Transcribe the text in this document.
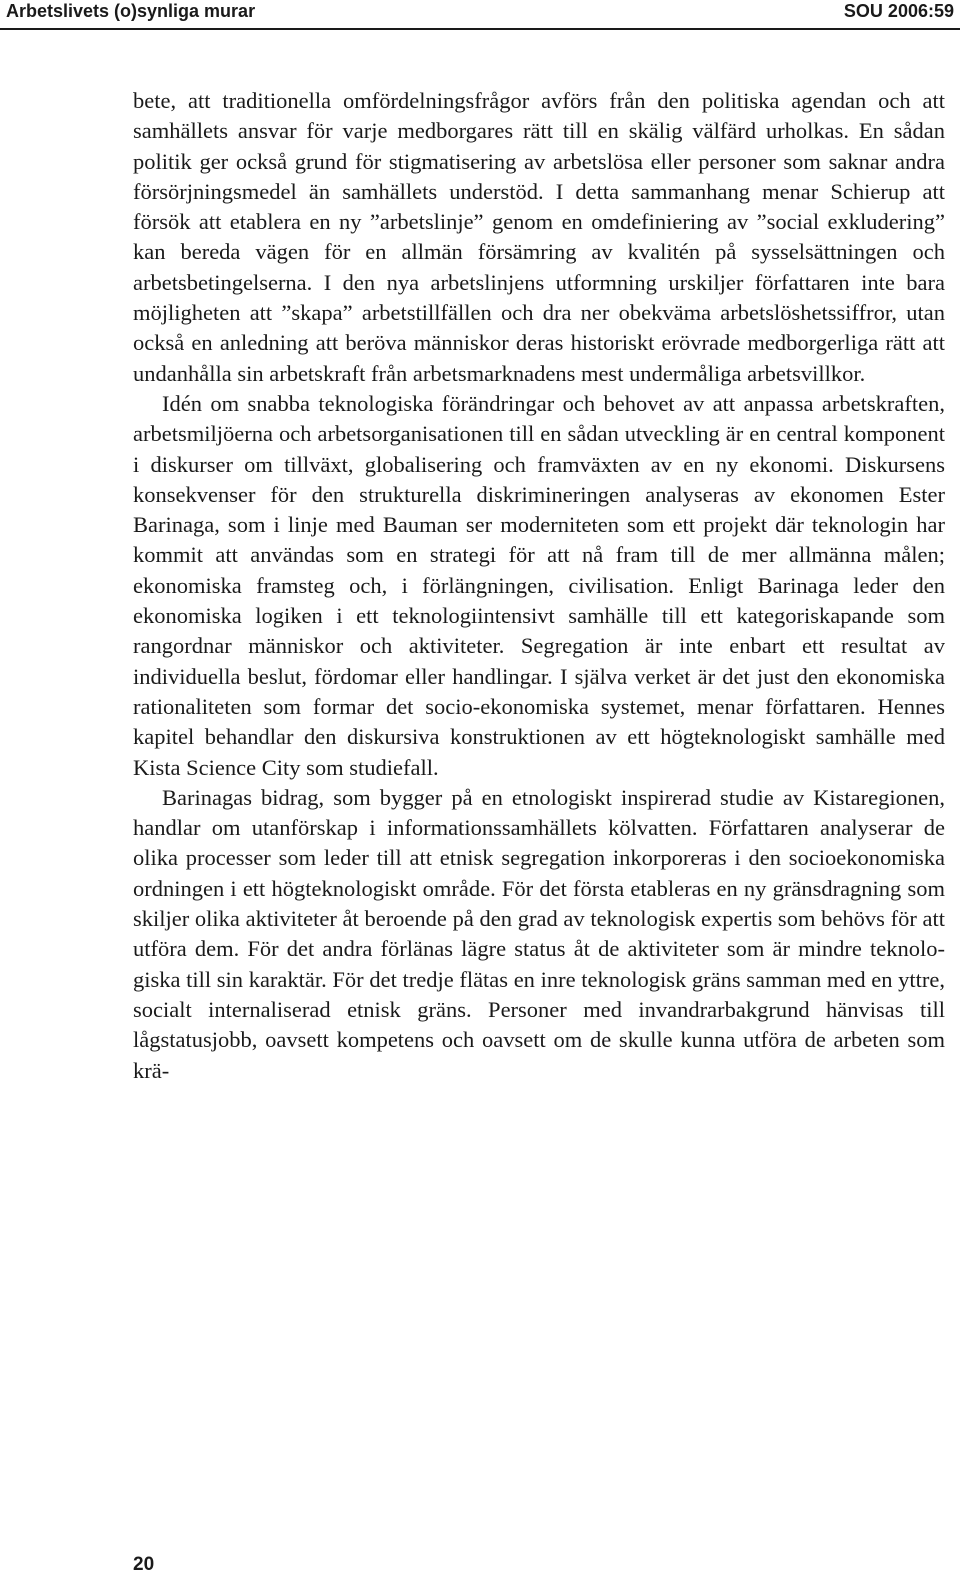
Arbetslivets (o)synliga murar	SOU 2006:59

bete, att traditionella omfördelningsfrågor avförs från den politiska agendan och att samhällets ansvar för varje medborgares rätt till en skälig välfärd urholkas. En sådan politik ger också grund för stigmatisering av arbetslösa eller personer som saknar andra försörjningsmedel än samhällets understöd. I detta sammanhang menar Schierup att försök att etablera en ny ”arbetslinje” genom en omdefiniering av ”social exkludering” kan bereda vägen för en allmän försämring av kvalitén på sysselsättningen och arbetsbetingelserna. I den nya arbetslinjens utformning urskiljer författaren inte bara möjligheten att ”skapa” arbetstillfällen och dra ner obekväma arbetslöshetssiffror, utan också en anledning att beröva människor deras historiskt erövrade medborgerliga rätt att undanhålla sin arbetskraft från arbetsmarknadens mest undermåliga arbetsvillkor.

Idén om snabba teknologiska förändringar och behovet av att anpassa arbetskraften, arbetsmiljöerna och arbetsorganisationen till en sådan utveckling är en central komponent i diskurser om tillväxt, globalisering och framväxten av en ny ekonomi. Diskursens konsekvenser för den strukturella diskrimineringen analyseras av ekonomen Ester Barinaga, som i linje med Bauman ser moderniteten som ett projekt där teknologin har kommit att användas som en strategi för att nå fram till de mer allmänna målen; ekonomiska framsteg och, i förlängningen, civilisation. Enligt Barinaga leder den ekonomiska logiken i ett teknologiintensivt samhälle till ett kategoriskapande som rangordnar människor och aktiviteter. Segregation är inte enbart ett resultat av individuella beslut, fördomar eller handlingar. I själva verket är det just den ekonomiska rationaliteten som formar det socio-ekonomiska systemet, menar författaren. Hennes kapitel behandlar den diskursiva konstruktionen av ett högteknologiskt samhälle med Kista Science City som studiefall.

Barinagas bidrag, som bygger på en etnologiskt inspirerad studie av Kistaregionen, handlar om utanförskap i informationssamhällets kölvatten. Författaren analyserar de olika processer som leder till att etnisk segregation inkorporeras i den socioekonomiska ordningen i ett högteknologiskt område. För det första etableras en ny gränsdragning som skiljer olika aktiviteter åt beroende på den grad av teknologisk expertis som behövs för att utföra dem. För det andra förlänas lägre status åt de aktiviteter som är mindre teknologiska till sin karaktär. För det tredje flätas en inre teknologisk gräns samman med en yttre, socialt internaliserad etnisk gräns. Personer med invandrarbakgrund hänvisas till lågstatusjobb, oavsett kompetens och oavsett om de skulle kunna utföra de arbeten som krä-

20
